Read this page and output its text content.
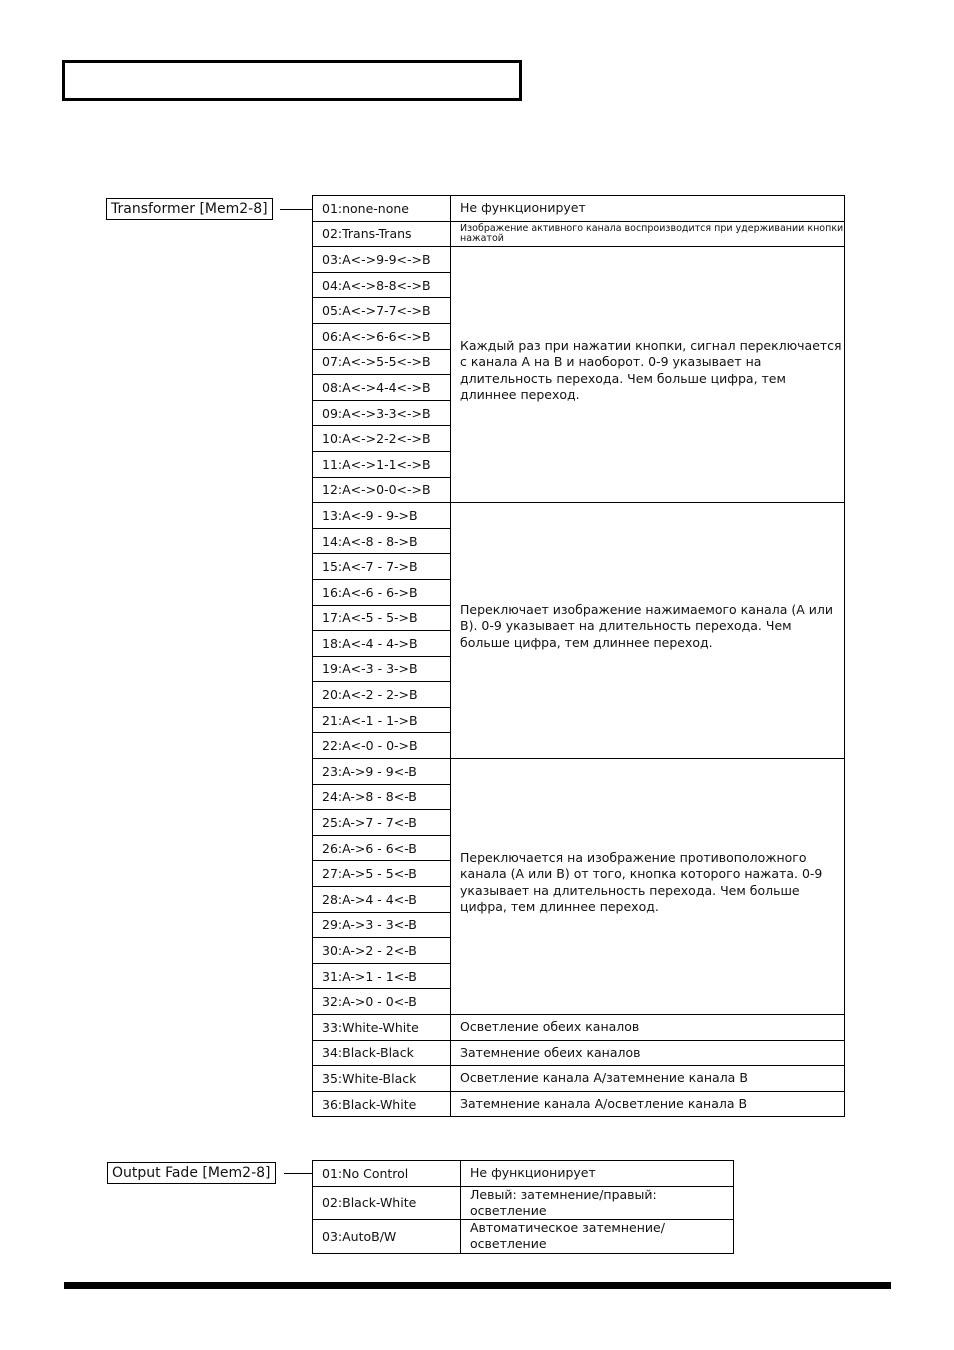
Transformer [Mem2-8]	01:none-none	Не функционирует
02:Trans-Trans	Изображение активного канала воспроизводится при удерживании кнопки нажатой
03:A<->9-9<->B	Каждый раз при нажатии кнопки, сигнал переключается с канала A на B и наоборот. 0-9 указывает на длительность перехода. Чем больше цифра, тем длиннее переход.
04:A<->8-8<->B	
05:A<->7-7<->B	
06:A<->6-6<->B	
07:A<->5-5<->B	
08:A<->4-4<->B	
09:A<->3-3<->B	
10:A<->2-2<->B	
11:A<->1-1<->B	
12:A<->0-0<->B	
13:A<-9 - 9->B	Переключает изображение нажимаемого канала (A или B). 0-9 указывает на длительность перехода. Чем больше цифра, тем длиннее переход.
14:A<-8 - 8->B	
15:A<-7 - 7->B	
16:A<-6 - 6->B	
17:A<-5 - 5->B	
18:A<-4 - 4->B	
19:A<-3 - 3->B	
20:A<-2 - 2->B	
21:A<-1 - 1->B	
22:A<-0 - 0->B	
23:A->9 - 9<-B	Переключается на изображение противоположного канала (A или B) от того, кнопка которого нажата. 0-9 указывает на длительность перехода. Чем больше цифра, тем длиннее переход.
24:A->8 - 8<-B	
25:A->7 - 7<-B	
26:A->6 - 6<-B	
27:A->5 - 5<-B	
28:A->4 - 4<-B	
29:A->3 - 3<-B	
30:A->2 - 2<-B	
31:A->1 - 1<-B	
32:A->0 - 0<-B	
33:White-White	Осветление обеих каналов
34:Black-Black	Затемнение обеих каналов
35:White-Black	Осветление канала A/затемнение канала B
36:Black-White	Затемнение канала A/осветление канала B
Output Fade [Mem2-8]	01:No Control	Не функционирует
02:Black-White	Левый: затемнение/правый: осветление
03:AutoB/W	Автоматическое затемнение/осветление
